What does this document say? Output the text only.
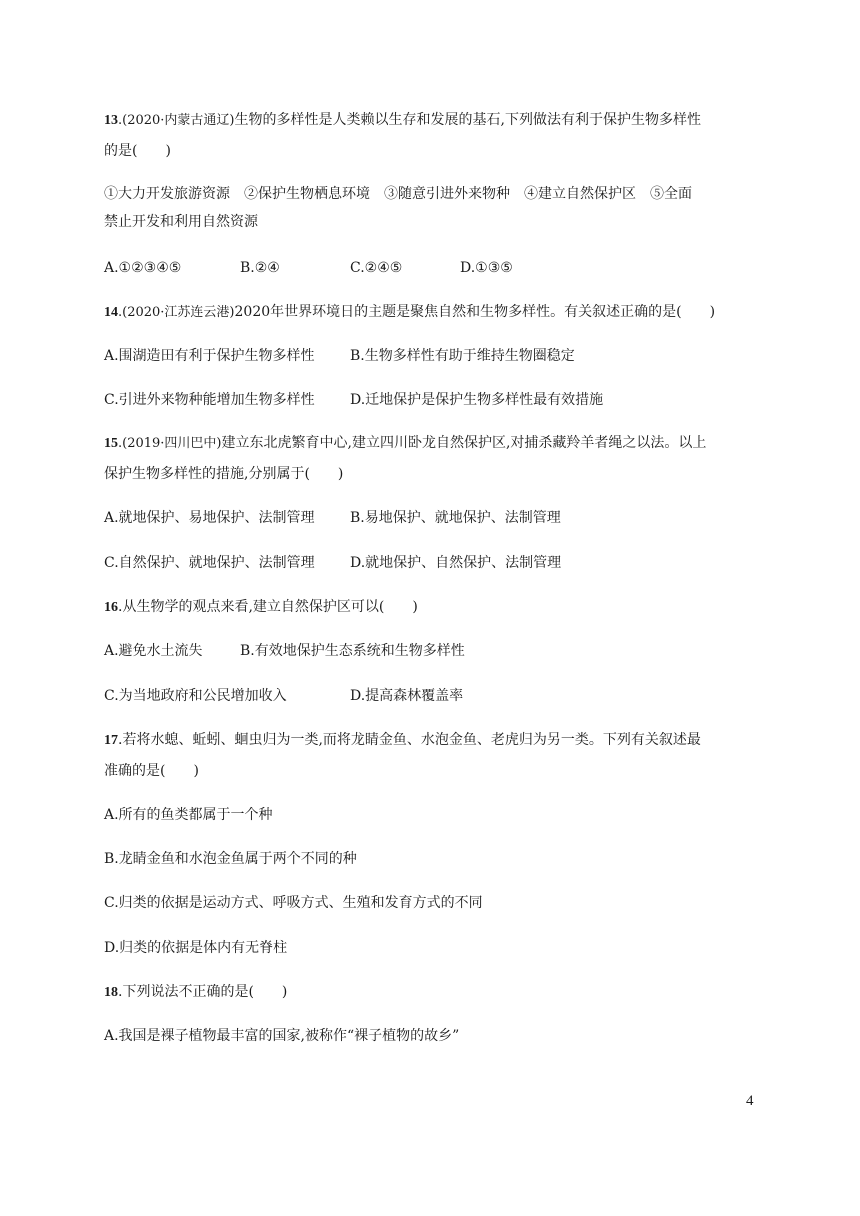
13.(2020·内蒙古通辽)生物的多样性是人类赖以生存和发展的基石,下列做法有利于保护生物多样性
的是(　　)
①大力开发旅游资源　②保护生物栖息环境　③随意引进外来物种　④建立自然保护区　⑤全面
禁止开发和利用自然资源
A.①②③④⑤	B.②④	C.②④⑤	D.①③⑤
14.(2020·江苏连云港)2020年世界环境日的主题是聚焦自然和生物多样性。有关叙述正确的是(　　)
A.围湖造田有利于保护生物多样性	B.生物多样性有助于维持生物圈稳定
C.引进外来物种能增加生物多样性	D.迁地保护是保护生物多样性最有效措施
15.(2019·四川巴中)建立东北虎繁育中心,建立四川卧龙自然保护区,对捕杀藏羚羊者绳之以法。以上
保护生物多样性的措施,分别属于(　　)
A.就地保护、易地保护、法制管理	B.易地保护、就地保护、法制管理
C.自然保护、就地保护、法制管理	D.就地保护、自然保护、法制管理
16.从生物学的观点来看,建立自然保护区可以(　　)
A.避免水土流失	B.有效地保护生态系统和生物多样性
C.为当地政府和公民增加收入	D.提高森林覆盖率
17.若将水螅、蚯蚓、蛔虫归为一类,而将龙睛金鱼、水泡金鱼、老虎归为另一类。下列有关叙述最
准确的是(　　)
A.所有的鱼类都属于一个种
B.龙睛金鱼和水泡金鱼属于两个不同的种
C.归类的依据是运动方式、呼吸方式、生殖和发育方式的不同
D.归类的依据是体内有无脊柱
18.下列说法不正确的是(　　)
A.我国是裸子植物最丰富的国家,被称作“裸子植物的故乡”
4
